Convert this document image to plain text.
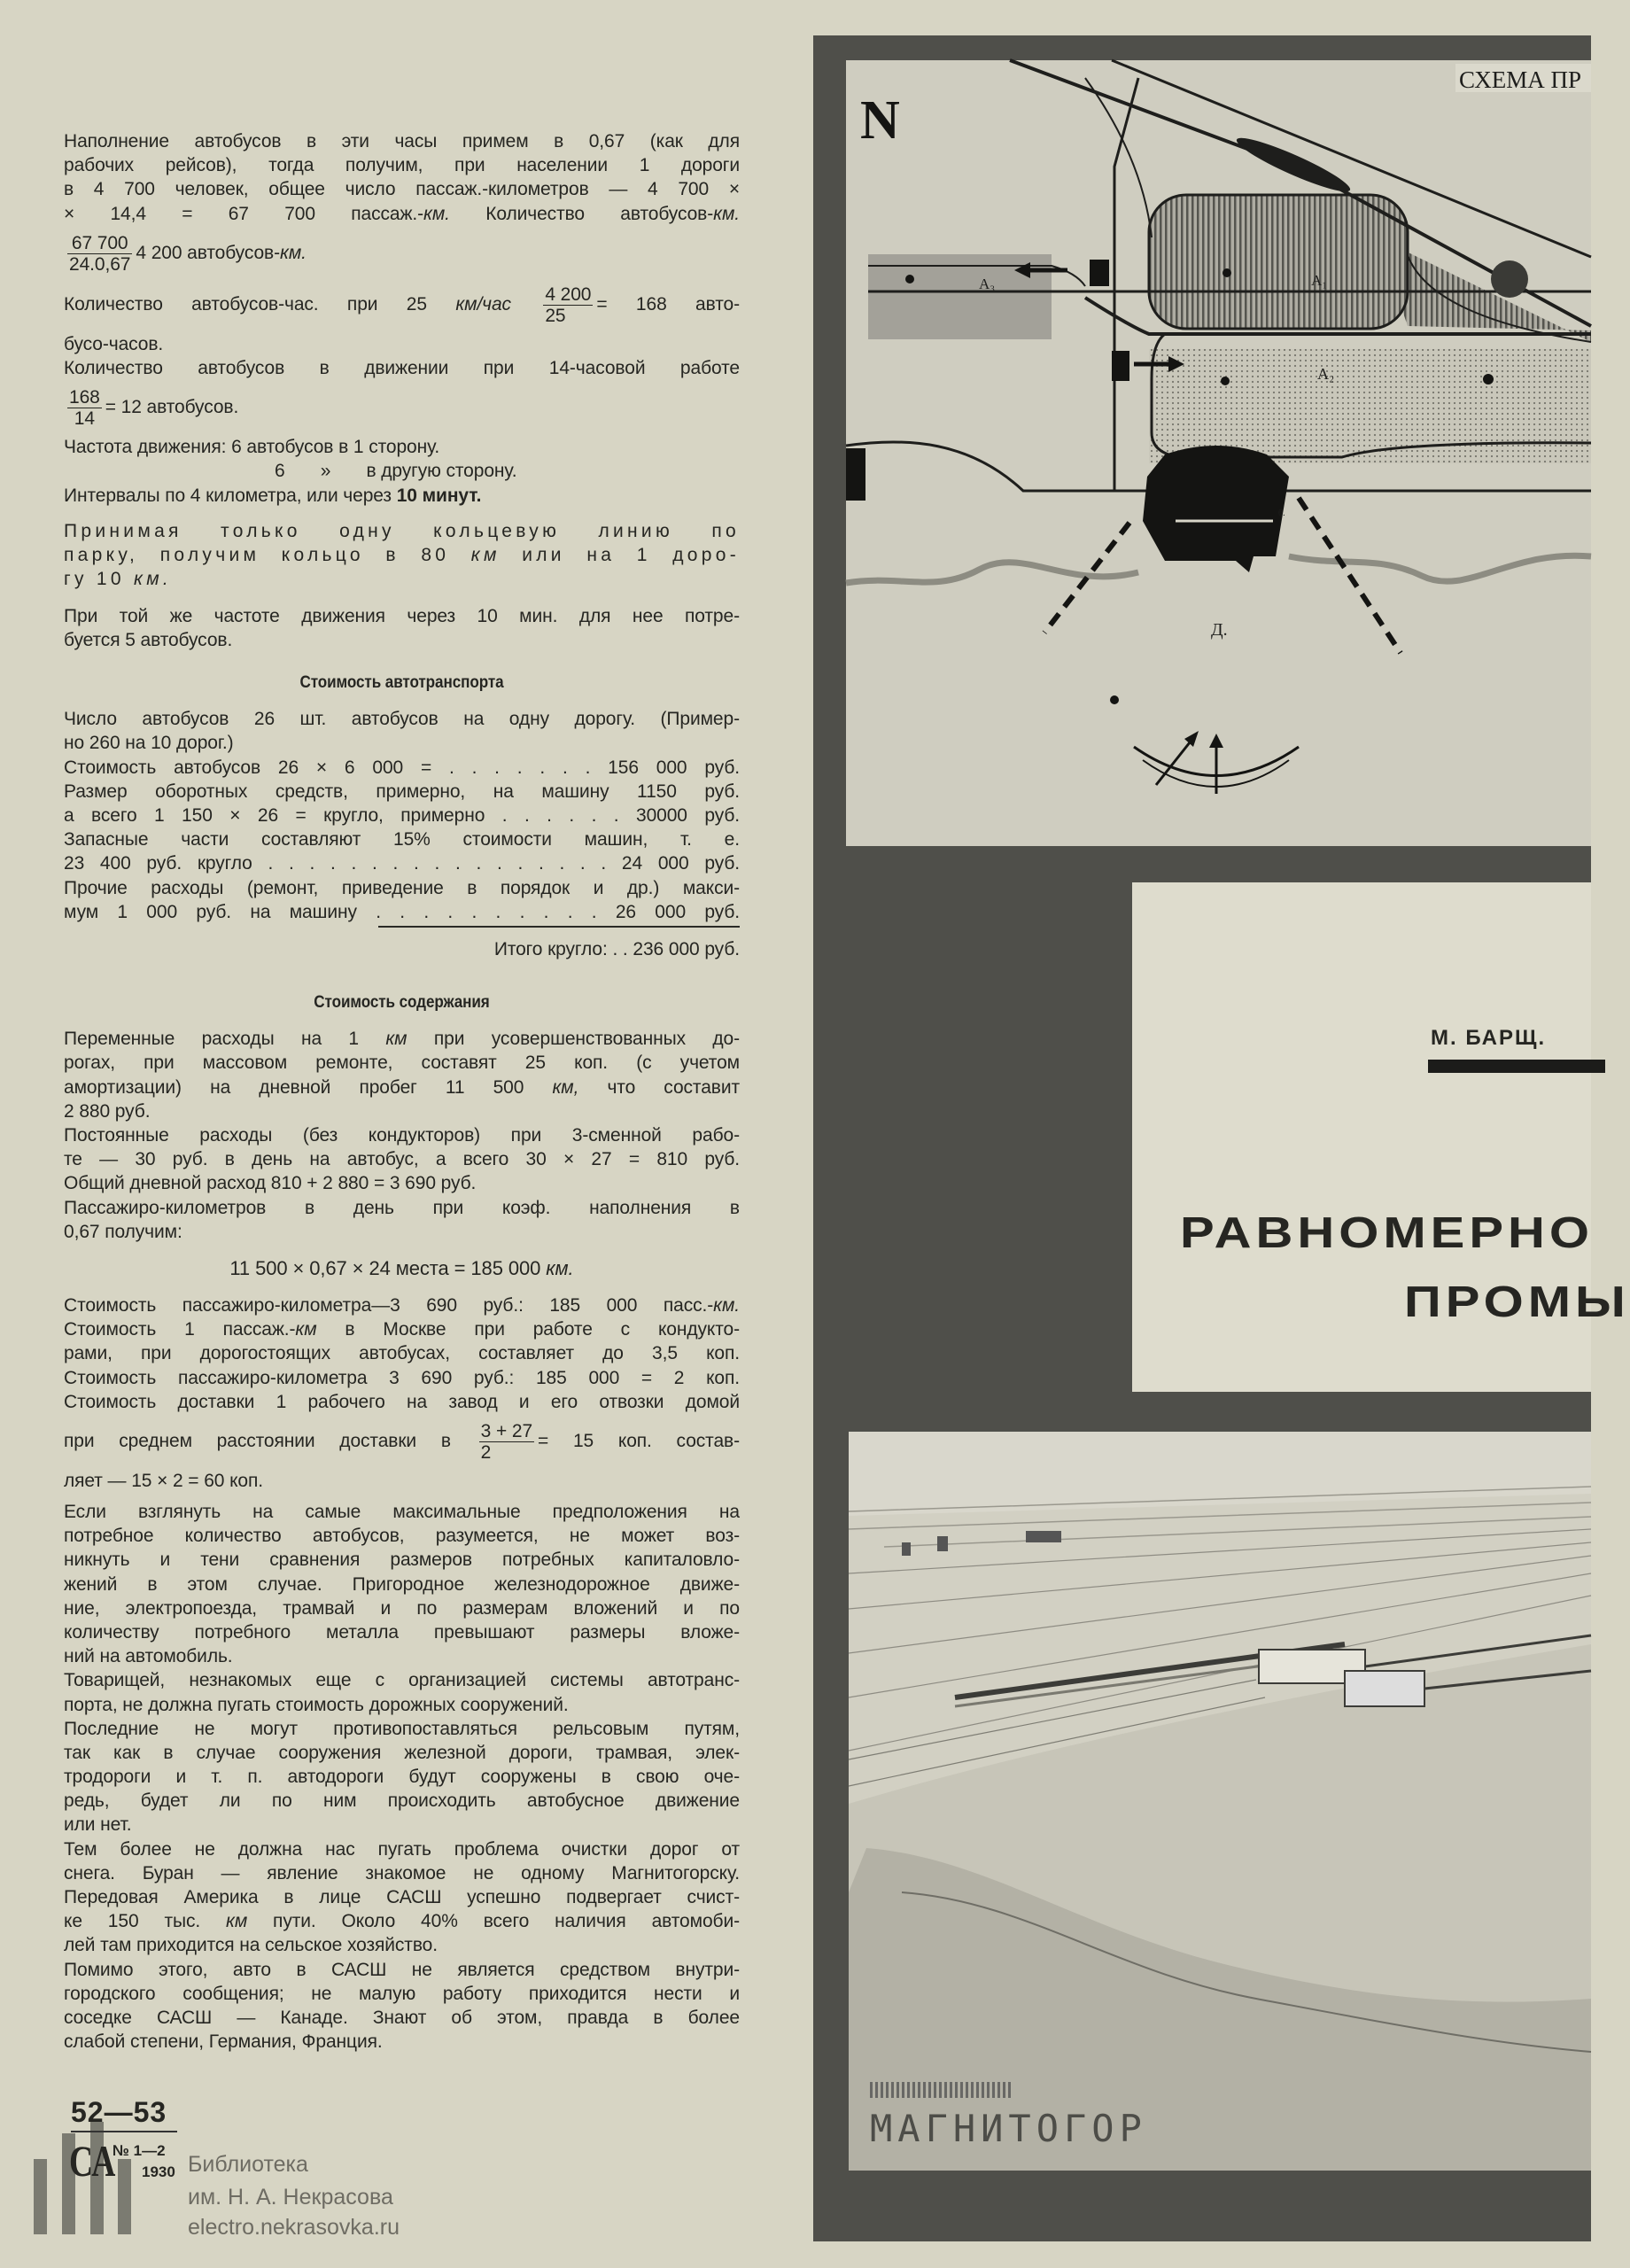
Наполнение автобусов в эти часы примем в 0,67 (как для
рабочих рейсов), тогда получим, при населении 1 дороги
в 4 700 человек, общее число пассаж.-километров — 4 700 ×
× 14,4 = 67 700 пассаж.-км. Количество автобусов-км.
$\frac{67 700}{24.0,67} 4$ 200 автобусов-км.
Количество автобусов-час. при 25 $км/час \frac{4 200}{25} = 168$ авто-
бусо-часов.
Количество автобусов в движении при 14-часовой работе
$\frac{168}{14} = 12$ автобусов.
Частота движения: 6 автобусов в 1 сторону.
6       »       в другую сторону.
Интервалы по 4 километра, или через 10 минут.
Принимая только одну кольцевую линию по
парку, получим кольцо в 80 км или на 1 доро-
гу 10 км.
При той же частоте движения через 10 мин. для нее потре-
буется 5 автобусов.
Стоимость автотранспорта
Число автобусов 26 шт. автобусов на одну дорогу. (Пример-
но 260 на 10 дорог.)
Стоимость автобусов 26 × 6 000 = . . . . . . . 156 000 руб.
Размер оборотных средств, примерно, на машину 1150 руб.
а всего 1 150 × 26 = кругло, примерно . . . . . . 30000 руб.
Запасные части составляют 15% стоимости машин, т. е.
23 400 руб. кругло . . . . . . . . . . . . . . . . . 24 000 руб.
Прочие расходы (ремонт, приведение в порядок и др.) макси-
мум 1 000 руб. на машину . . . . . . . . . . 26 000 руб.
Итого кругло: . . 236 000 руб.
Стоимость содержания
Переменные расходы на 1 км при усовершенствованных до-
рогах, при массовом ремонте, составят 25 коп. (с учетом
амортизации) на дневной пробег 11 500 км, что составит
2 880 руб.
Постоянные расходы (без кондукторов) при 3-сменной рабо-
те — 30 руб. в день на автобус, а всего 30 × 27 = 810 руб.
Общий дневной расход 810 + 2 880 = 3 690 руб.
Пассажиро-километров в день при коэф. наполнения в
0,67 получим:
11 500 × 0,67 × 24 места = 185 000 км.
Стоимость пассажиро-километра—3 690 руб.: 185 000 пасс.-км.
Стоимость 1 пассаж.-км в Москве при работе с кондукто-
рами, при дорогостоящих автобусах, составляет до 3,5 коп.
Стоимость пассажиро-километра 3 690 руб.: 185 000 = 2 коп.
Стоимость доставки 1 рабочего на завод и его отвозки домой
при среднем расстоянии доставки в $\frac{3 + 27}{2} = 15$ коп. состав-
ляет — 15 × 2 = 60 коп.
Если взглянуть на самые максимальные предположения на
потребное количество автобусов, разумеется, не может воз-
никнуть и тени сравнения размеров потребных капиталовло-
жений в этом случае. Пригородное железнодорожное движе-
ние, электропоезда, трамвай и по размерам вложений и по
количеству потребного металла превышают размеры вложе-
ний на автомобиль.
Товарищей, незнакомых еще с организацией системы автотранс-
порта, не должна пугать стоимость дорожных сооружений.
Последние не могут противопоставляться рельсовым путям,
так как в случае сооружения железной дороги, трамвая, элек-
тродороги и т. п. автодороги будут сооружены в свою оче-
редь, будет ли по ним происходить автобусное движение
или нет.
Тем более не должна нас пугать проблема очистки дорог от
снега. Буран — явление знакомое не одному Магнитогорску.
Передовая Америка в лице САСШ успешно подвергает счист-
ке 150 тыс. км пути. Около 40% всего наличия автомоби-
лей там приходится на сельское хозяйство.
Помимо этого, авто в САСШ не является средством внутри-
городского сообщения; не малую работу приходится нести и
соседке САСШ — Канаде. Знают об этом, правда в более
слабой степени, Германия, Франция.
52—53
СА
№ 1—2
1930 Библиотека
им. Н. А. Некрасова
electro.nekrasovka.ru
N
СХЕМА ПР
А₃	А₁
А₂
Д.
б.
М. БАРЩ.
РАВНОМЕРНО
ПРОМЫ
МАГНИТОГОР
